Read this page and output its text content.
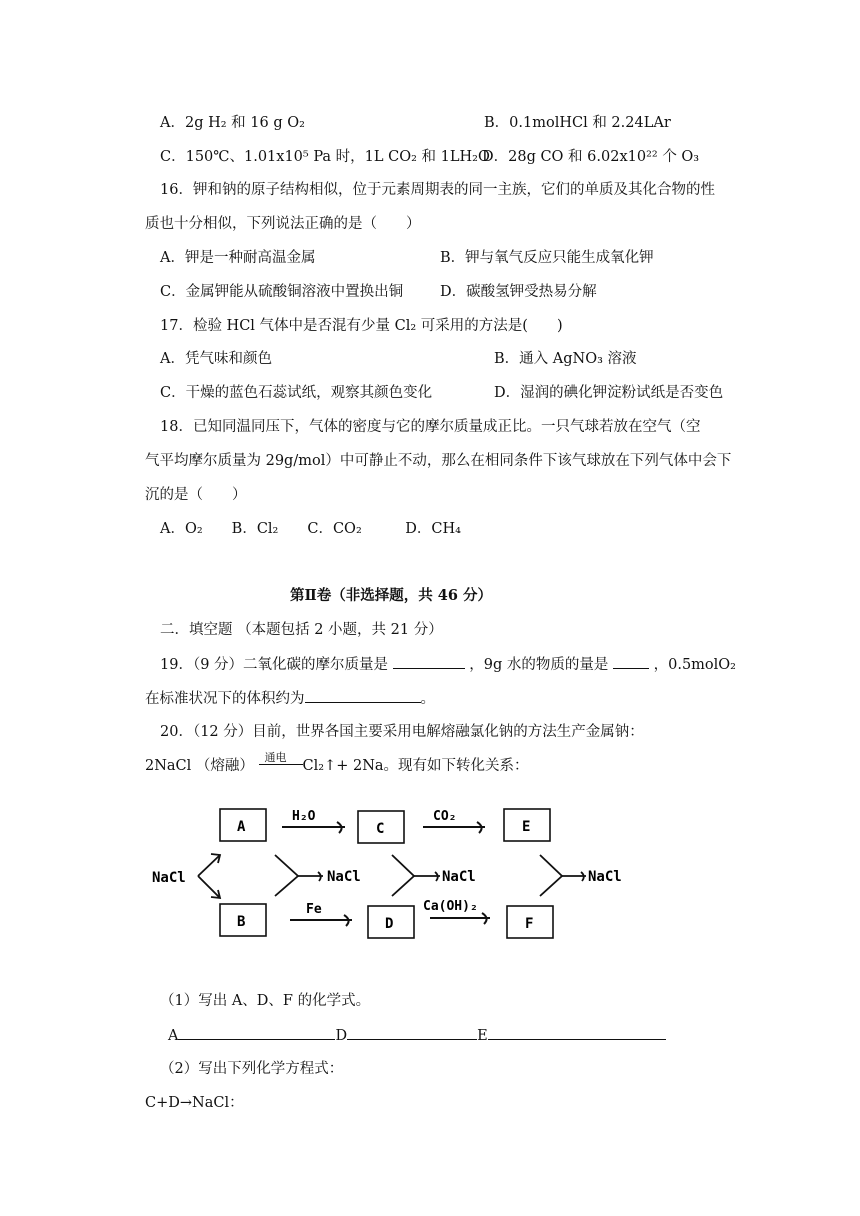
A．2g H₂ 和 16 g O₂	B．0.1molHCl 和 2.24LAr
C．150℃、1.01x10⁵ Pa 时，1L CO₂ 和 1LH₂O
D．28g CO 和 6.02x10²² 个 O₃
16．钾和钠的原子结构相似，位于元素周期表的同一主族，它们的单质及其化合物的性
质也十分相似，下列说法正确的是（　　）
A．钾是一种耐高温金属	B．钾与氧气反应只能生成氧化钾
C．金属钾能从硫酸铜溶液中置换出铜	D．碳酸氢钾受热易分解
17．检验 HCl 气体中是否混有少量 Cl₂ 可采用的方法是(　　)
A．凭气味和颜色	B．通入 AgNO₃ 溶液
C．干燥的蓝色石蕊试纸，观察其颜色变化	D．湿润的碘化钾淀粉试纸是否变色
18．已知同温同压下，气体的密度与它的摩尔质量成正比。一只气球若放在空气（空
气平均摩尔质量为 29g/mol）中可静止不动，那么在相同条件下该气球放在下列气体中会下
沉的是（　　）
A．O₂　　B．Cl₂　　C．CO₂　　　D．CH₄
第Ⅱ卷（非选择题，共 46 分）
二．填空题 （本题包括 2 小题，共 21 分）
19．（9 分）二氧化碳的摩尔质量是	，9g 水的物质的量是	，0.5molO₂
在标准状况下的体积约为	。
20．（12 分）目前，世界各国主要采用电解熔融氯化钠的方法生产金属钠：
2NaCl （熔融）
通电
Cl₂↑+ 2Na。现有如下转化关系：
A	C	E
B	D	F
NaCl
H₂O	CO₂
Fe	Ca(OH)₂
NaCl	NaCl	NaCl
（1）写出 A、D、F 的化学式。
A	D	E
（2）写出下列化学方程式：
C+D→NaCl：
